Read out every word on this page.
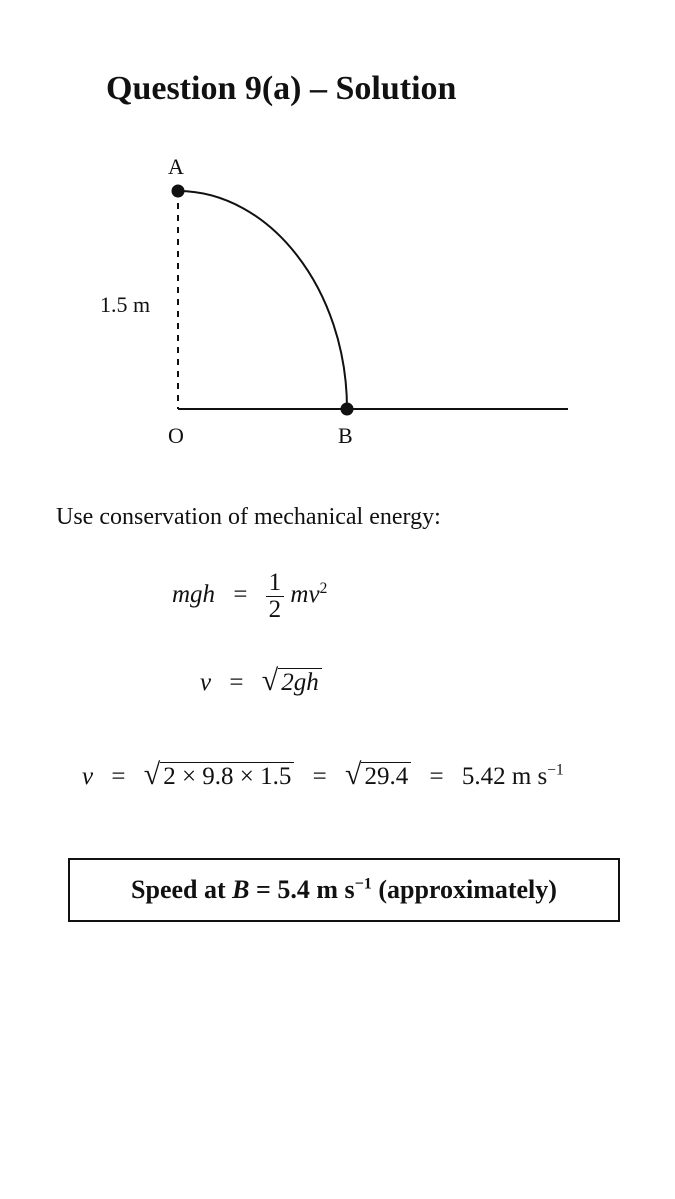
Question 9(a) – Solution
A
B
O
1.5 m
Use conservation of mechanical energy:
mgh = $\frac{1}{2} mv^2$
v = √ 2gh
v = √ 2 × 9.8 × 1.5 = √ 29.4 = 5.42 m $s^{-1}$
Speed at B = 5.4 m $s^{-1}$ (approximately)
